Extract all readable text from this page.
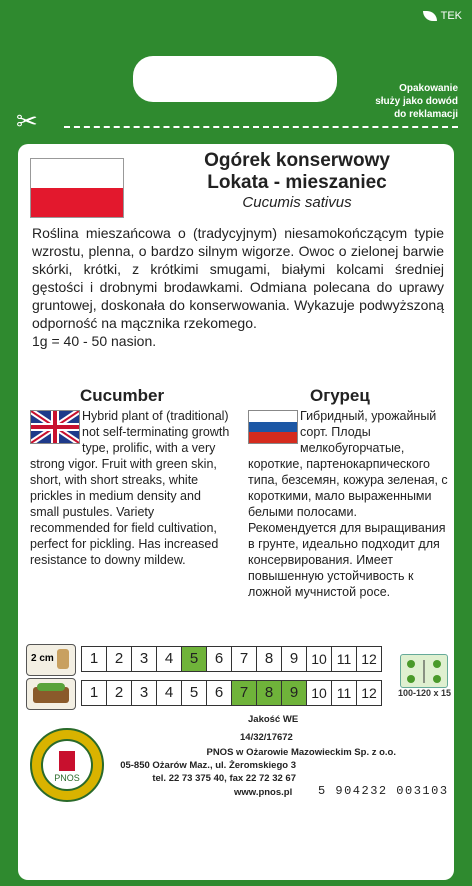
TEK
Opakowanie
służy jako dowód
do reklamacji
✂
Ogórek konserwowy
Lokata - mieszaniec
Cucumis sativus

Roślina mieszańcowa o (tradycyjnym) niesamokończącym typie wzrostu, plenna, o bardzo silnym wigorze. Owoc o zielonej barwie skórki, krótki, z krótkimi smugami, białymi kolcami średniej gęstości i drobnymi brodawkami. Odmiana polecana do uprawy gruntowej, doskonała do konserwowania. Wykazuje podwyższoną odporność na mącznika rzekomego.

1g = 40 - 50 nasion.

Cucumber	Огурец
Hybrid plant of (traditional) not self-terminating growth type, prolific, with a very strong vigor. Fruit with green skin, short, with short streaks, white prickles in medium density and small pustules. Variety recommended for field cultivation, perfect for pickling. Has increased resistance to downy mildew.
Гибридный, урожайный сорт. Плоды мелкобугорчатые, короткие, партенокарпического типа, безсемян, кожура зеленая, с короткими, мало выраженными белыми полосами. Рекомендуется для выращивания в грунте, идеально подходит для консервирования. Имеет повышенную устойчивость к ложной мучнистой росе.
2 cm	1	2	3	4	5	6	7	8	9 10 11 12
1	2	3	4	5	6	7	8	9 10 11 12	100-120 x 15
PNOS
Jakość WE
14/32/17672
PNOS w Ożarowie Mazowieckim Sp. z o.o.
05-850 Ożarów Maz., ul. Żeromskiego 3
tel. 22 73 375 40, fax 22 72 32 67
www.pnos.pl 5 904232 003103
